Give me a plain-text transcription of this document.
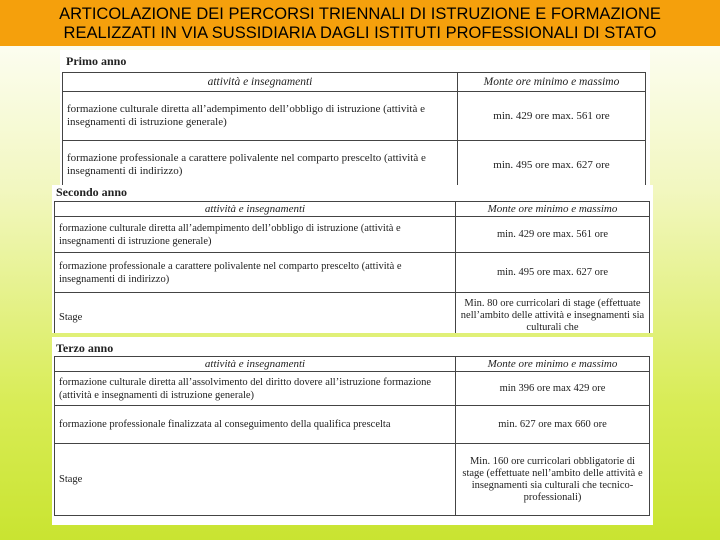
ARTICOLAZIONE DEI PERCORSI TRIENNALI DI ISTRUZIONE E FORMAZIONE
REALIZZATI IN VIA SUSSIDIARIA DAGLI ISTITUTI PROFESSIONALI DI STATO
Primo anno
attività e insegnamenti	Monte ore minimo e massimo
formazione culturale diretta all’adempimento dell’obbligo di istruzione (attività e insegnamenti di istruzione generale)	min. 429 ore max. 561 ore
formazione professionale a carattere polivalente nel comparto prescelto (attività e insegnamenti di indirizzo)	min. 495 ore max. 627 ore
Secondo anno
attività e insegnamenti	Monte ore minimo e massimo
formazione culturale diretta all’adempimento dell’obbligo di istruzione (attività e insegnamenti di istruzione generale)	min. 429 ore max. 561 ore
formazione professionale a carattere polivalente nel comparto prescelto (attività e insegnamenti di indirizzo)	min. 495 ore max. 627 ore
Stage	Min. 80 ore curricolari di stage (effettuate nell’ambito delle attività e insegnamenti sia culturali che
Terzo anno
attività e insegnamenti	Monte ore minimo e massimo
formazione culturale diretta all’assolvimento del diritto dovere all’istruzione formazione (attività e insegnamenti di istruzione generale)	min 396 ore max 429 ore
formazione professionale finalizzata al conseguimento della qualifica prescelta	min. 627 ore max 660 ore
Stage	Min. 160 ore curricolari obbligatorie di stage (effettuate nell’ambito delle attività e insegnamenti sia culturali che tecnico-professionali)
